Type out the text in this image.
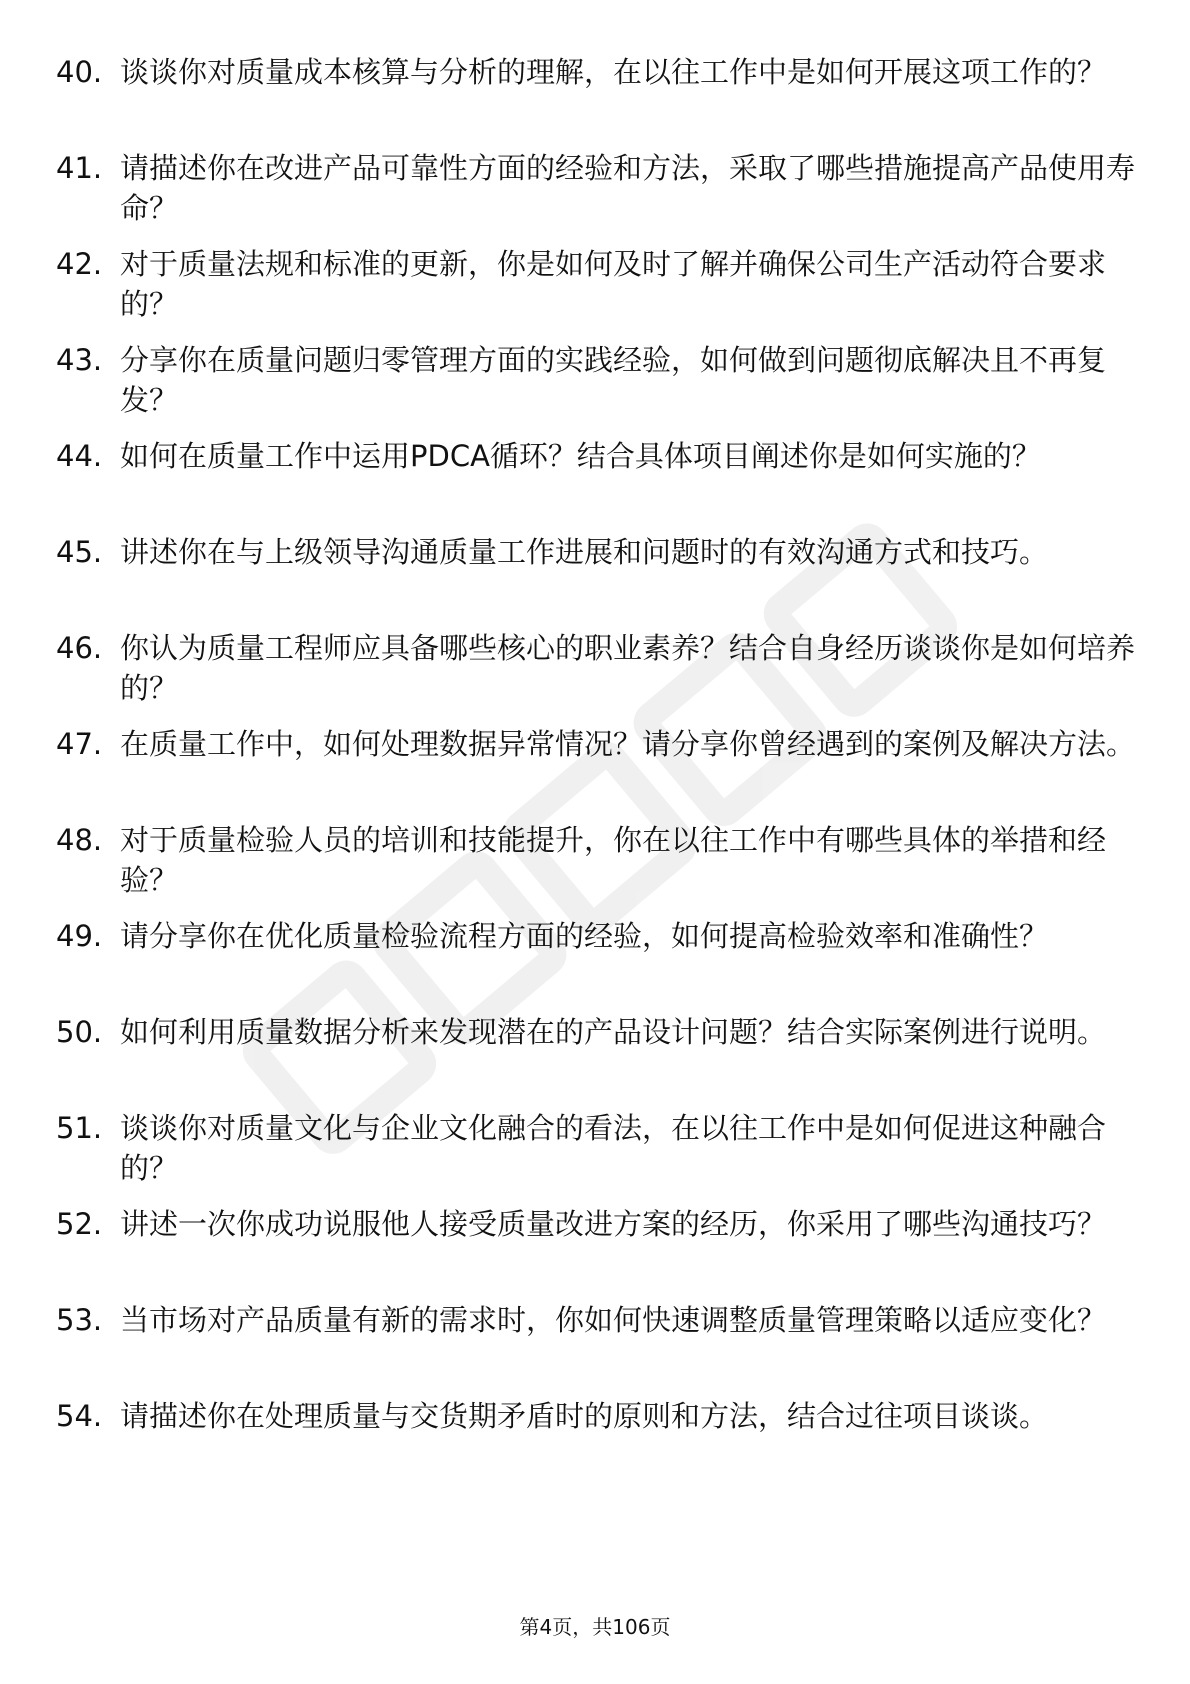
40. 谈谈你对质量成本核算与分析的理解，在以往工作中是如何开展这项工作的？
41. 请描述你在改进产品可靠性方面的经验和方法，采取了哪些措施提高产品使用寿命？
42. 对于质量法规和标准的更新，你是如何及时了解并确保公司生产活动符合要求的？
43. 分享你在质量问题归零管理方面的实践经验，如何做到问题彻底解决且不再复发？
44. 如何在质量工作中运用PDCA循环？结合具体项目阐述你是如何实施的？
45. 讲述你在与上级领导沟通质量工作进展和问题时的有效沟通方式和技巧。
46. 你认为质量工程师应具备哪些核心的职业素养？结合自身经历谈谈你是如何培养的？
47. 在质量工作中，如何处理数据异常情况？请分享你曾经遇到的案例及解决方法。
48. 对于质量检验人员的培训和技能提升，你在以往工作中有哪些具体的举措和经验？
49. 请分享你在优化质量检验流程方面的经验，如何提高检验效率和准确性？
50. 如何利用质量数据分析来发现潜在的产品设计问题？结合实际案例进行说明。
51. 谈谈你对质量文化与企业文化融合的看法，在以往工作中是如何促进这种融合的？
52. 讲述一次你成功说服他人接受质量改进方案的经历，你采用了哪些沟通技巧？
53. 当市场对产品质量有新的需求时，你如何快速调整质量管理策略以适应变化？
54. 请描述你在处理质量与交货期矛盾时的原则和方法，结合过往项目谈谈。
第4页，共106页
